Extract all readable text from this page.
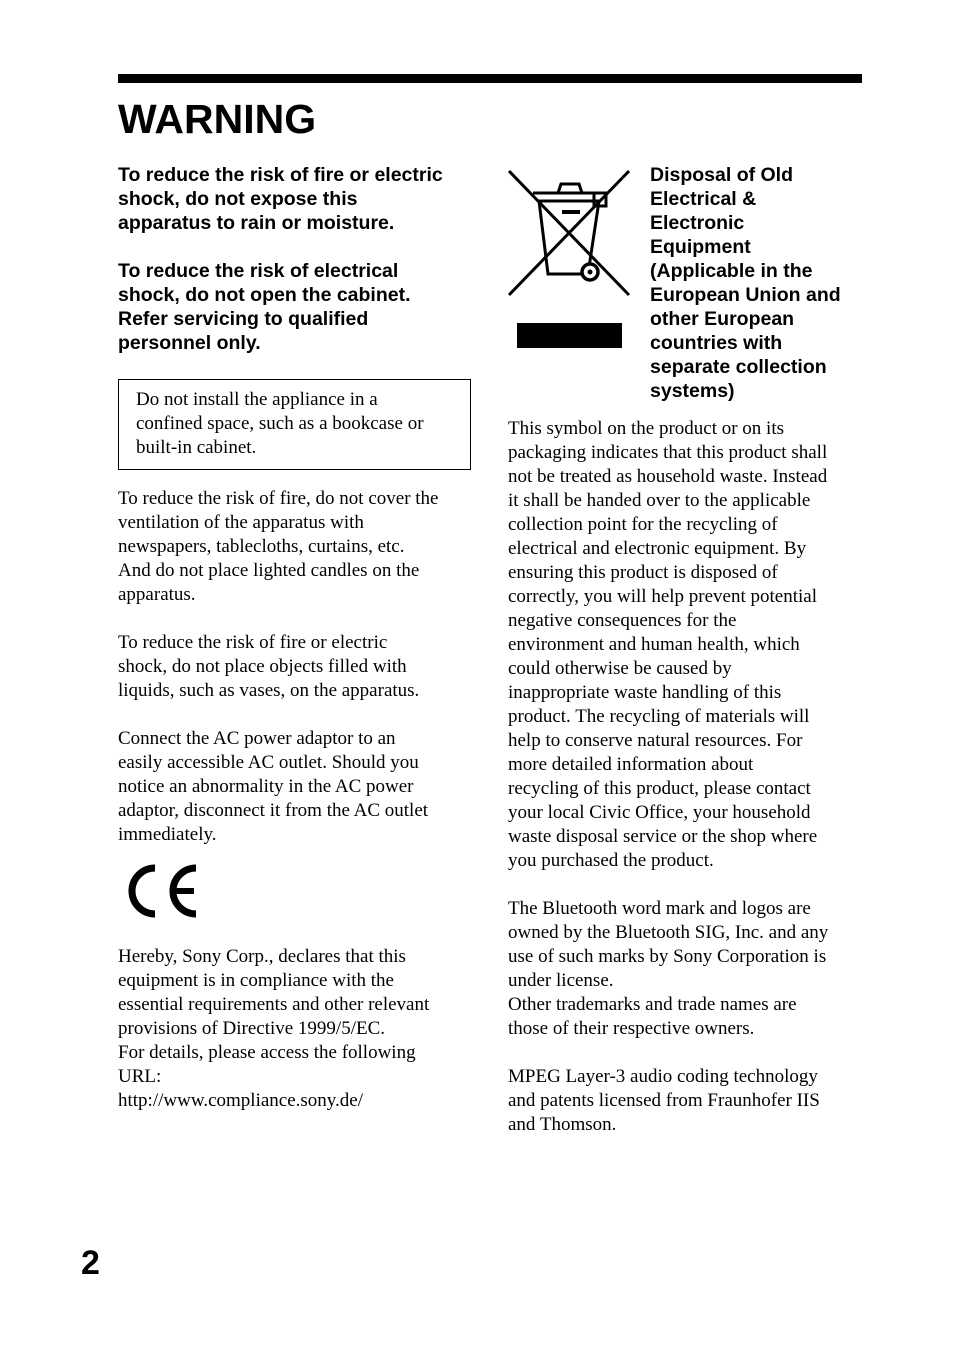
WARNING

To reduce the risk of fire or electric
shock, do not expose this
apparatus to rain or moisture.

To reduce the risk of electrical
shock, do not open the cabinet.
Refer servicing to qualified
personnel only.

Do not install the appliance in a
confined space, such as a bookcase or
built-in cabinet.

To reduce the risk of fire, do not cover the
ventilation of the apparatus with
newspapers, tablecloths, curtains, etc.
And do not place lighted candles on the
apparatus.

To reduce the risk of fire or electric
shock, do not place objects filled with
liquids, such as vases, on the apparatus.

Connect the AC power adaptor to an
easily accessible AC outlet. Should you
notice an abnormality in the AC power
adaptor, disconnect it from the AC outlet
immediately.

Hereby, Sony Corp., declares that this
equipment is in compliance with the
essential requirements and other relevant
provisions of Directive 1999/5/EC.
For details, please access the following
URL:
http://www.compliance.sony.de/

Disposal of Old
Electrical &
Electronic
Equipment
(Applicable in the
European Union and
other European
countries with
separate collection
systems)

This symbol on the product or on its
packaging indicates that this product shall
not be treated as household waste. Instead
it shall be handed over to the applicable
collection point for the recycling of
electrical and electronic equipment. By
ensuring this product is disposed of
correctly, you will help prevent potential
negative consequences for the
environment and human health, which
could otherwise be caused by
inappropriate waste handling of this
product. The recycling of materials will
help to conserve natural resources. For
more detailed information about
recycling of this product, please contact
your local Civic Office, your household
waste disposal service or the shop where
you purchased the product.

The Bluetooth word mark and logos are
owned by the Bluetooth SIG, Inc. and any
use of such marks by Sony Corporation is
under license.
Other trademarks and trade names are
those of their respective owners.

MPEG Layer-3 audio coding technology
and patents licensed from Fraunhofer IIS
and Thomson.

2
